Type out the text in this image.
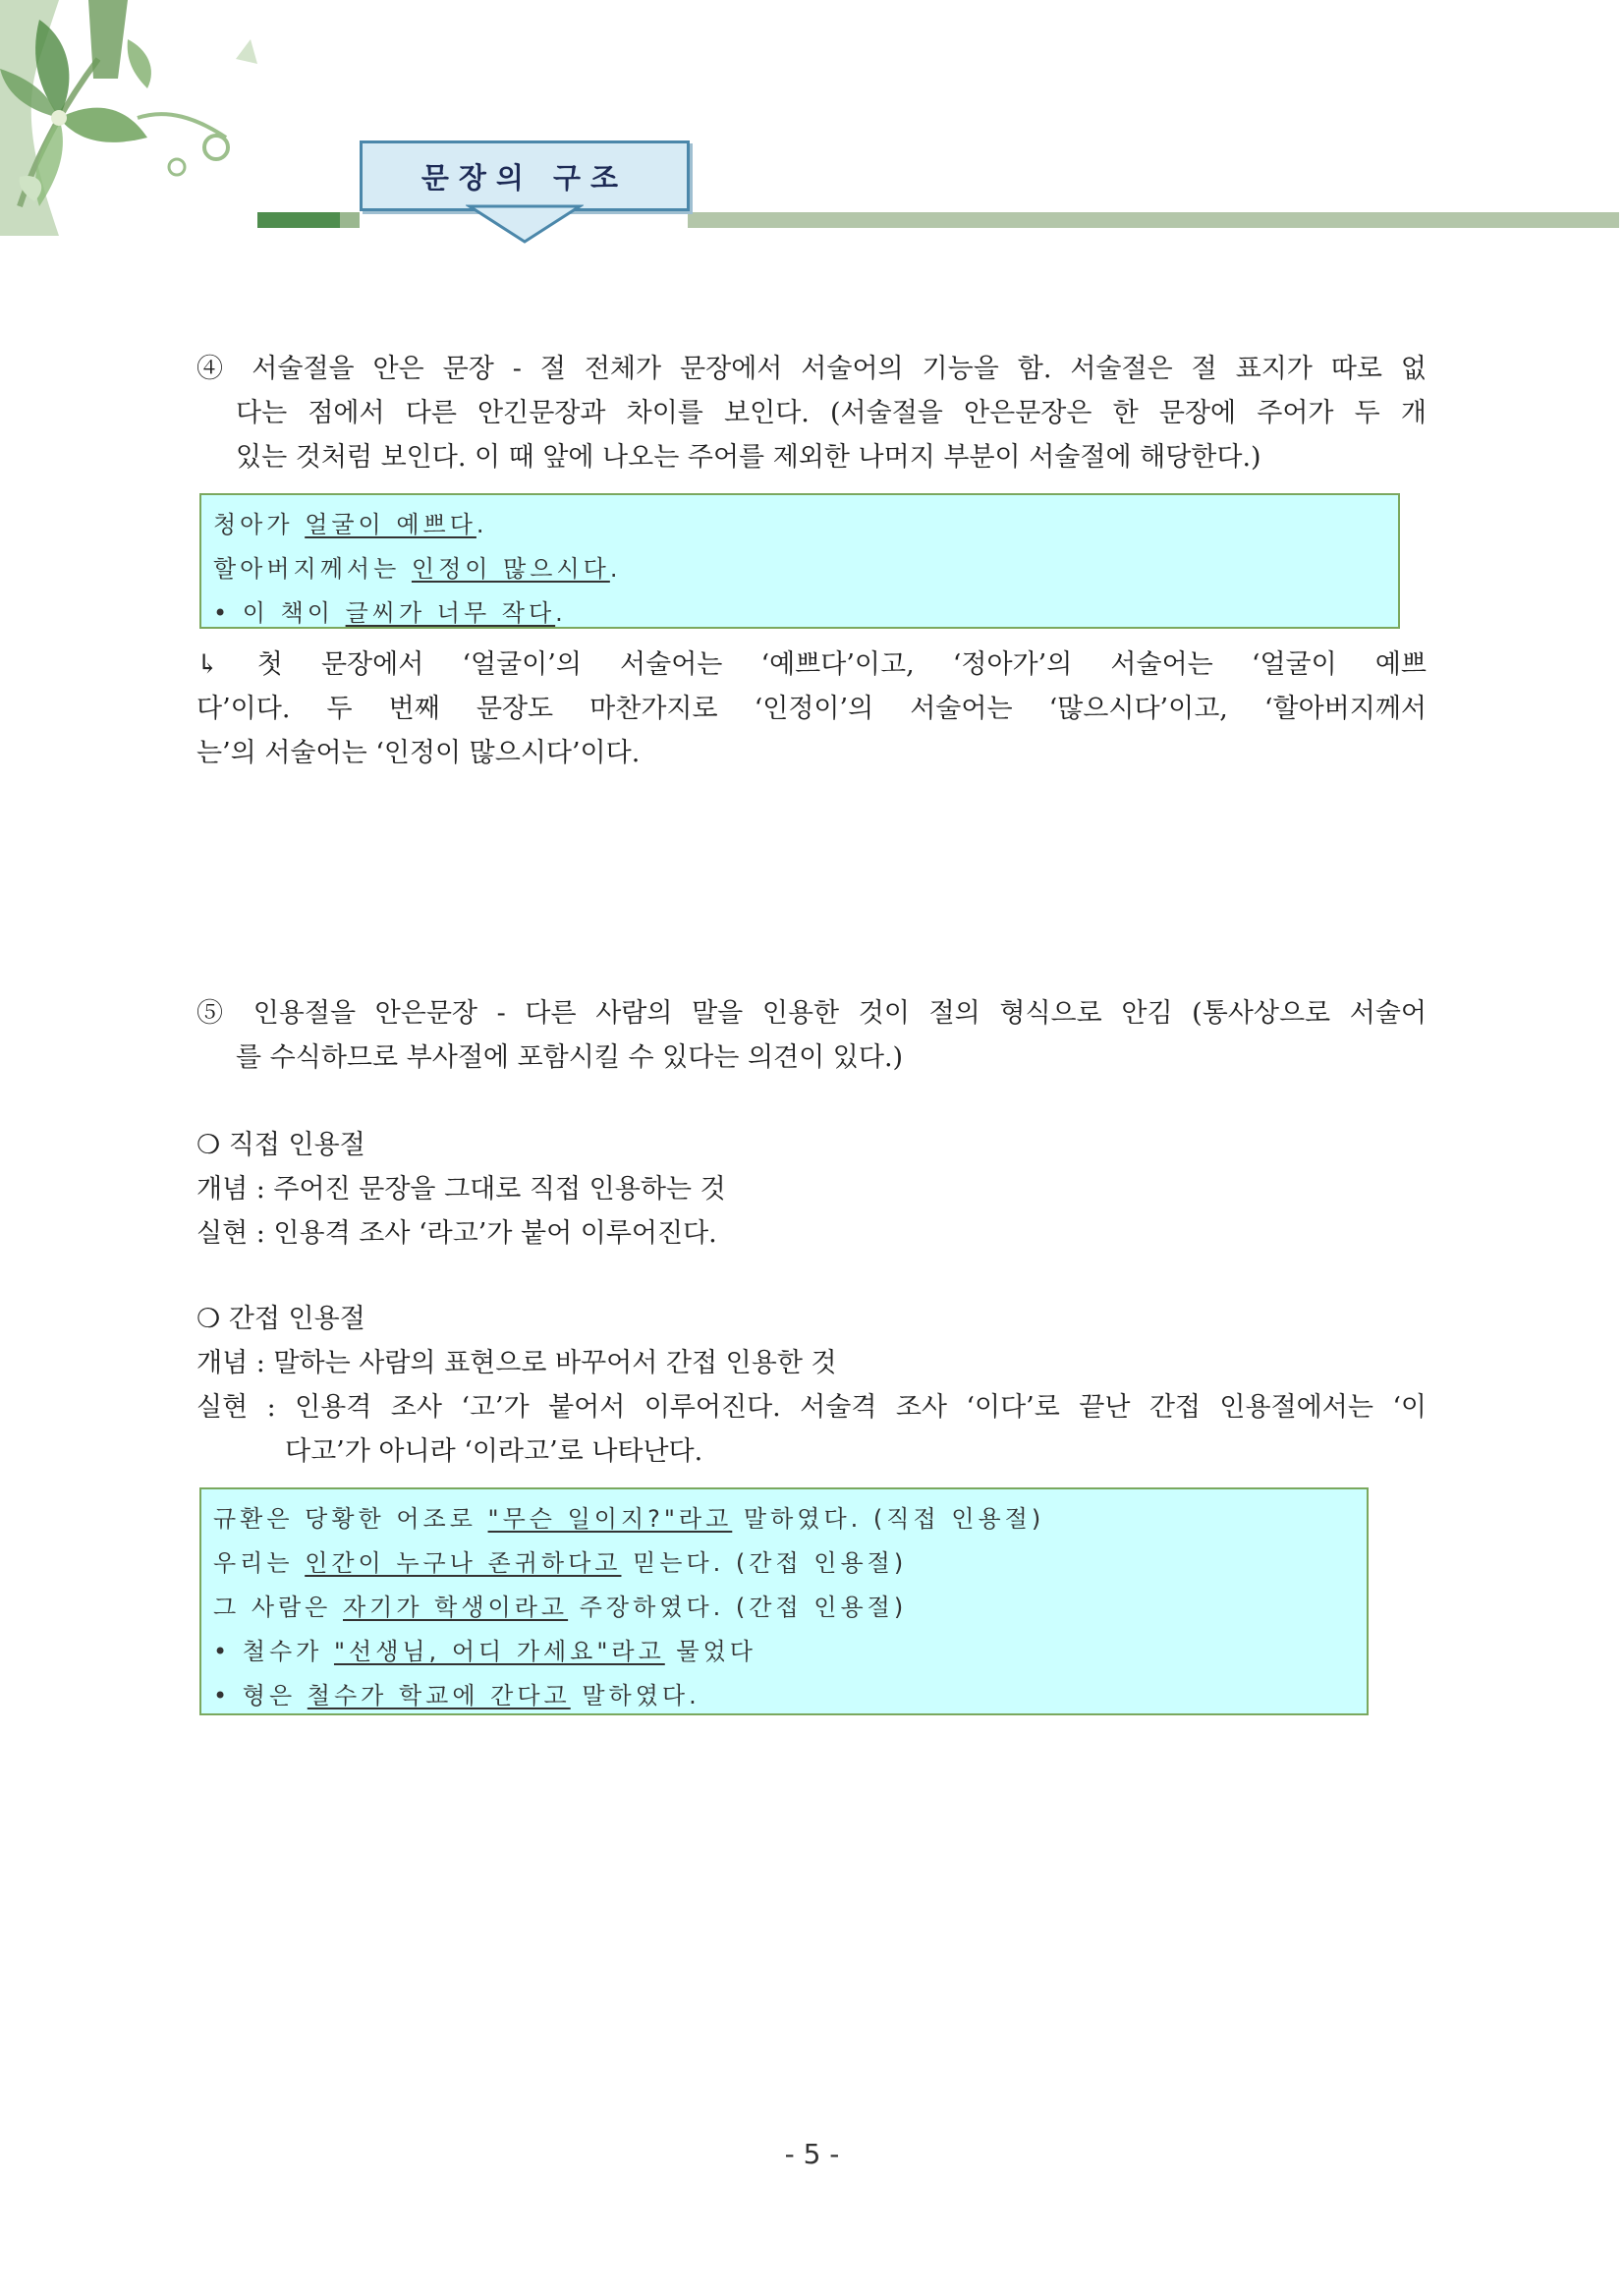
문장의 구조
④ 서술절을 안은 문장 - 절 전체가 문장에서 서술어의 기능을 함. 서술절은 절 표지가 따로 없
다는 점에서 다른 안긴문장과 차이를 보인다. (서술절을 안은문장은 한 문장에 주어가 두 개
있는 것처럼 보인다. 이 때 앞에 나오는 주어를 제외한 나머지 부분이 서술절에 해당한다.)
청아가 얼굴이 예쁘다.
할아버지께서는 인정이 많으시다.
• 이 책이 글씨가 너무 작다.
↳ 첫 문장에서 ‘얼굴이’의 서술어는 ‘예쁘다’이고, ‘정아가’의 서술어는 ‘얼굴이 예쁘
다’이다. 두 번째 문장도 마찬가지로 ‘인정이’의 서술어는 ‘많으시다’이고, ‘할아버지께서
는’의 서술어는 ‘인정이 많으시다’이다.
⑤ 인용절을 안은문장 - 다른 사람의 말을 인용한 것이 절의 형식으로 안김 (통사상으로 서술어
를 수식하므로 부사절에 포함시킬 수 있다는 의견이 있다.)
❍ 직접 인용절
개념 : 주어진 문장을 그대로 직접 인용하는 것
실현 : 인용격 조사 ‘라고’가 붙어 이루어진다.
❍ 간접 인용절
개념 : 말하는 사람의 표현으로 바꾸어서 간접 인용한 것
실현 : 인용격 조사 ‘고’가 붙어서 이루어진다. 서술격 조사 ‘이다’로 끝난 간접 인용절에서는 ‘이
다고’가 아니라 ‘이라고’로 나타난다.
규환은 당황한 어조로 "무슨 일이지?"라고 말하였다. (직접 인용절)
우리는 인간이 누구나 존귀하다고 믿는다. (간접 인용절)
그 사람은 자기가 학생이라고 주장하였다. (간접 인용절)
• 철수가 "선생님, 어디 가세요"라고 물었다
• 형은 철수가 학교에 간다고 말하였다.
- 5 -
